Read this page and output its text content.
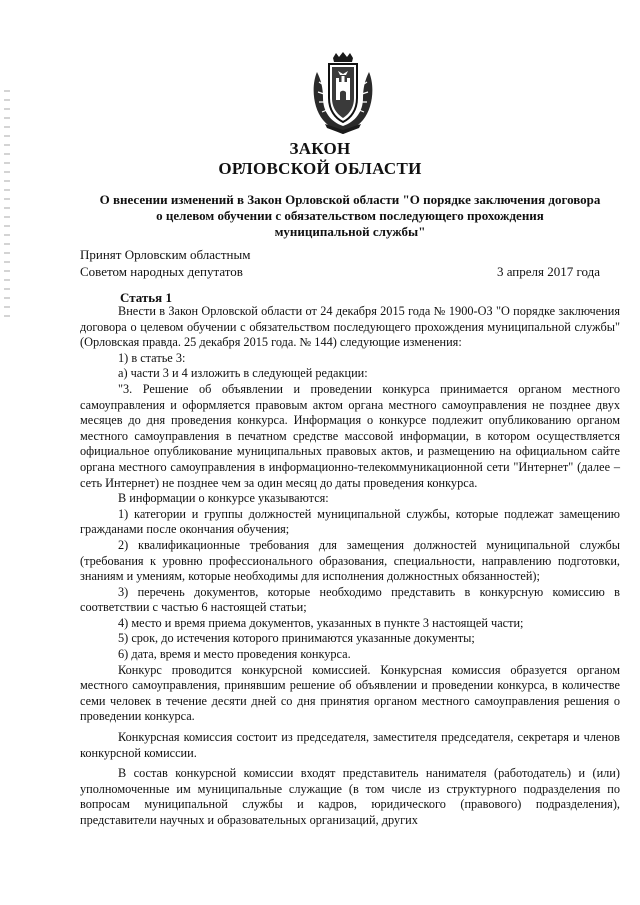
ЗАКОН
ОРЛОВСКОЙ ОБЛАСТИ
О внесении изменений в Закон Орловской области "О порядке заключения договора
о целевом обучении с обязательством последующего прохождения
муниципальной службы"
Принят Орловским областным
Советом народных депутатов	3 апреля 2017 года
Статья 1

Внести в Закон Орловской области от 24 декабря 2015 года № 1900-ОЗ "О порядке заключения договора о целевом обучении с обязательством последующего прохождения муниципальной службы" (Орловская правда. 25 декабря 2015 года. № 144) следующие изменения:

1) в статье 3:

а) части 3 и 4 изложить в следующей редакции:

"3. Решение об объявлении и проведении конкурса принимается органом местного самоуправления и оформляется правовым актом органа местного самоуправления не позднее двух месяцев до дня проведения конкурса. Информация о конкурсе подлежит опубликованию органом местного самоуправления в печатном средстве массовой информации, в котором осуществляется официальное опубликование муниципальных правовых актов, и размещению на официальном сайте органа местного самоуправления в информационно-телекоммуникационной сети "Интернет" (далее – сеть Интернет) не позднее чем за один месяц до даты проведения конкурса.

В информации о конкурсе указываются:

1) категории и группы должностей муниципальной службы, которые подлежат замещению гражданами после окончания обучения;

2) квалификационные требования для замещения должностей муниципальной службы (требования к уровню профессионального образования, специальности, направлению подготовки, знаниям и умениям, которые необходимы для исполнения должностных обязанностей);

3) перечень документов, которые необходимо представить в конкурсную комиссию в соответствии с частью 6 настоящей статьи;

4) место и время приема документов, указанных в пункте 3 настоящей части;

5) срок, до истечения которого принимаются указанные документы;

6) дата, время и место проведения конкурса.

Конкурс проводится конкурсной комиссией. Конкурсная комиссия образуется органом местного самоуправления, принявшим решение об объявлении и проведении конкурса, в количестве семи человек в течение десяти дней со дня принятия органом местного самоуправления решения о проведении конкурса.

Конкурсная комиссия состоит из председателя, заместителя председателя, секретаря и членов конкурсной комиссии.

В состав конкурсной комиссии входят представитель нанимателя (работодатель) и (или) уполномоченные им муниципальные служащие (в том числе из структурного подразделения по вопросам муниципальной службы и кадров, юридического (правового) подразделения), представители научных и образовательных организаций, других
